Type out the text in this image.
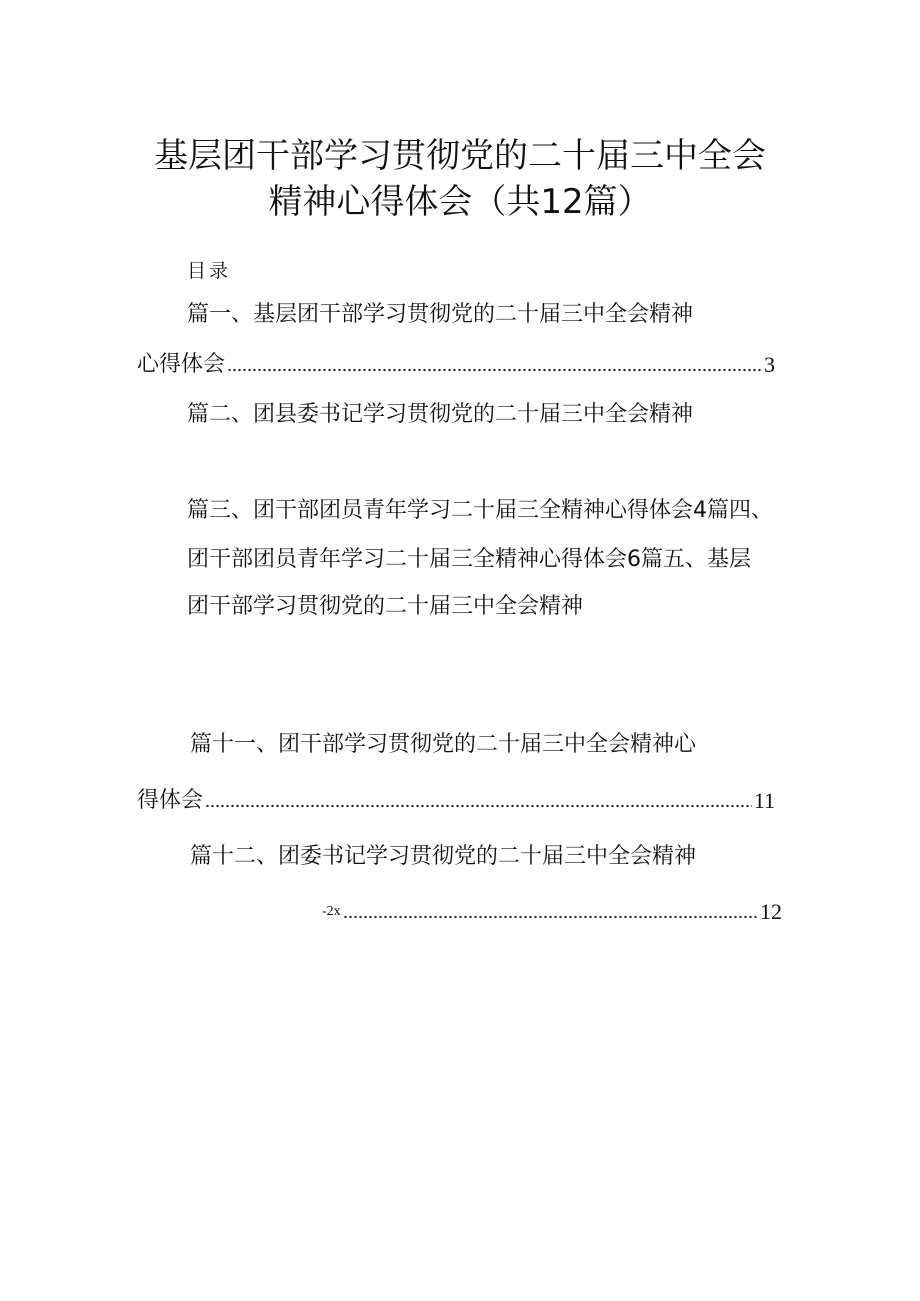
基层团干部学习贯彻党的二十届三中全会
精神心得体会（共12篇）
目录
篇一、基层团干部学习贯彻党的二十届三中全会精神
心得体会	3
篇二、团县委书记学习贯彻党的二十届三中全会精神
篇三、团干部团员青年学习二十届三全精神心得体会4篇四、
团干部团员青年学习二十届三全精神心得体会6篇五、基层
团干部学习贯彻党的二十届三中全会精神
篇十一、团干部学习贯彻党的二十届三中全会精神心
得体会	11
篇十二、团委书记学习贯彻党的二十届三中全会精神
-2x	12
